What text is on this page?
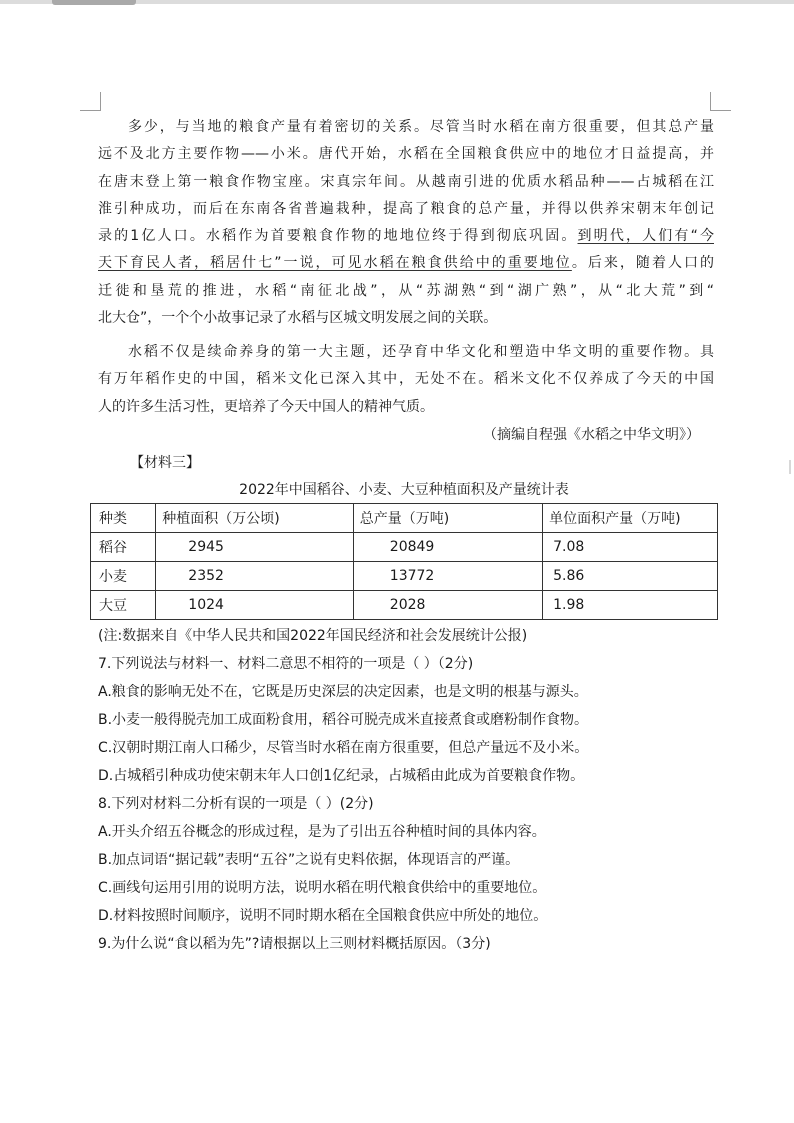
多少，与当地的粮食产量有着密切的关系。尽管当时水稻在南方很重要，但其总产量
远不及北方主要作物——小米。唐代开始，水稻在全国粮食供应中的地位才日益提高，并
在唐末登上第一粮食作物宝座。宋真宗年间。从越南引进的优质水稻品种——占城稻在江
淮引种成功，而后在东南各省普遍栽种，提高了粮食的总产量，并得以供养宋朝末年创记
录的1亿人口。水稻作为首要粮食作物的地地位终于得到彻底巩固。到明代，人们有“今
天下育民人者，稻居什七”一说，可见水稻在粮食供给中的重要地位。后来，随着人口的
迁徙和垦荒的推进，水稻“南征北战”，从“苏湖熟“到“湖广熟”，从“北大荒”到“
北大仓”，一个个小故事记录了水稻与区城文明发展之间的关联。
水稻不仅是续命养身的第一大主题，还孕育中华文化和塑造中华文明的重要作物。具
有万年稻作史的中国，稻米文化已深入其中，无处不在。稻米文化不仅养成了今天的中国
人的许多生活习性，更培养了今天中国人的精神气质。
（摘编自程强《水稻之中华文明》）
【材料三】
2022年中国稻谷、小麦、大豆种植面积及产量统计表
种类	种植面积（万公顷)	总产量（万吨)	单位面积产量（万吨)
稻谷	2945	20849	7.08
小麦	2352	13772	5.86
大豆	1024	2028	1.98
(注:数据来自《中华人民共和国2022年国民经济和社会发展统计公报)
7.下列说法与材料一、材料二意思不相符的一项是（ ）（2分)
A.粮食的影响无处不在，它既是历史深层的决定因素，也是文明的根基与源头。
B.小麦一般得脱壳加工成面粉食用，稻谷可脱壳成米直接煮食或磨粉制作食物。
C.汉朝时期江南人口稀少，尽管当时水稻在南方很重要，但总产量远不及小米。
D.占城稻引种成功使宋朝末年人口创1亿纪录，占城稻由此成为首要粮食作物。
8.下列对材料二分析有误的一项是（ ）(2分)
A.开头介绍五谷概念的形成过程，是为了引出五谷种植时间的具体内容。
B.加点词语“据记载”表明“五谷”之说有史料依据，体现语言的严谨。
C.画线句运用引用的说明方法，说明水稻在明代粮食供给中的重要地位。
D.材料按照时间顺序，说明不同时期水稻在全国粮食供应中所处的地位。
9.为什么说“食以稻为先”?请根据以上三则材料概括原因。（3分)
